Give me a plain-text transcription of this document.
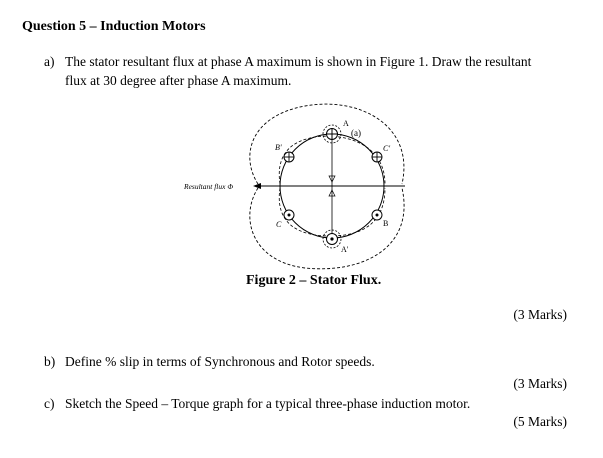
Question 5 – Induction Motors
a) The stator resultant flux at phase A maximum is shown in Figure 1. Draw the resultant
flux at 30 degree after phase A maximum.
A
(a)
B'	C'
C	B
A'
Resultant flux Φ
Figure 2 – Stator Flux.
(3 Marks)
b) Define % slip in terms of Synchronous and Rotor speeds.
(3 Marks)
c) Sketch the Speed – Torque graph for a typical three-phase induction motor.
(5 Marks)
